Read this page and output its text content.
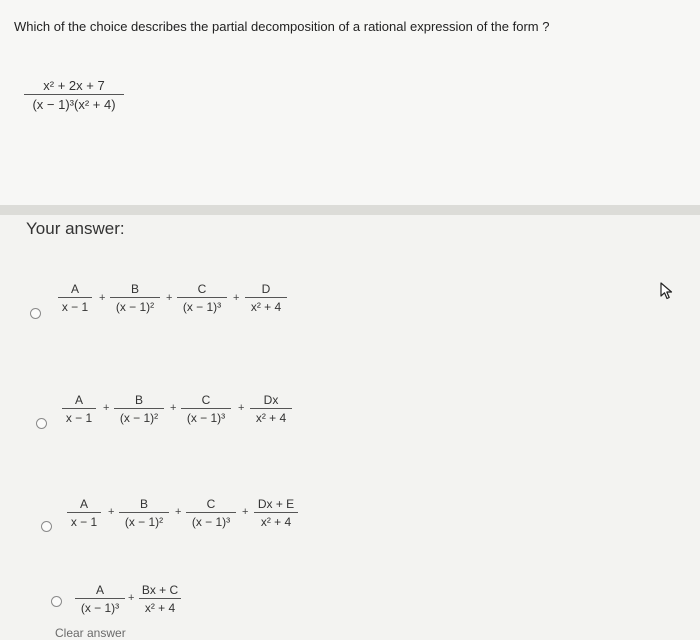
Which of the choice describes the partial decomposition of a rational expression of the form ?
x² + 2x + 7
(x − 1)³(x² + 4)
Your answer:
A
x − 1
+
B
(x − 1)²
+
C
(x − 1)³
+
D
x² + 4
A
x − 1
+
B
(x − 1)²
+
C
(x − 1)³
+
Dx
x² + 4
A
x − 1
+
B
(x − 1)²
+
C
(x − 1)³
+
Dx + E
x² + 4
A
(x − 1)³
+
Bx + C
x² + 4
Clear answer
